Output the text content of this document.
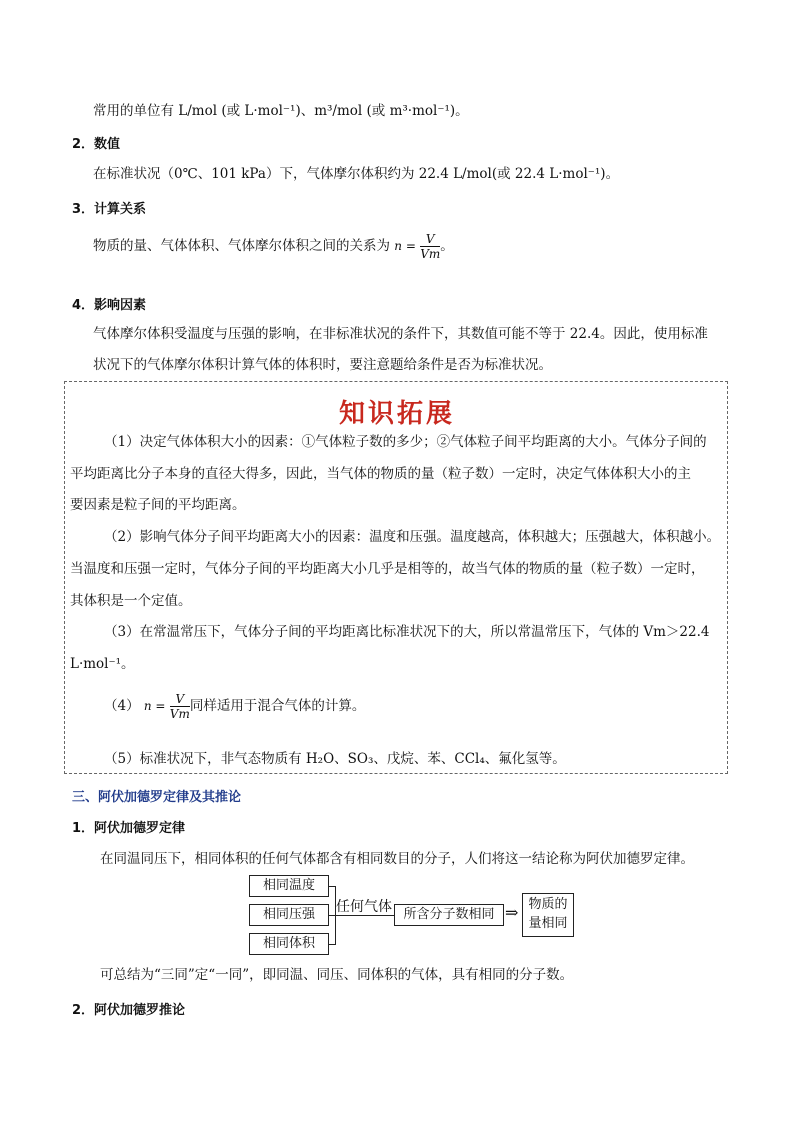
常用的单位有 L/mol (或 L·mol⁻¹)、m³/mol (或 m³·mol⁻¹)。
2．数值
在标准状况（0℃、101 kPa）下，气体摩尔体积约为 22.4 L/mol(或 22.4 L·mol⁻¹)。
3．计算关系
物质的量、气体体积、气体摩尔体积之间的关系为 $n = \frac{V}{Vm}$ 。
4．影响因素
气体摩尔体积受温度与压强的影响，在非标准状况的条件下，其数值可能不等于 22.4。因此，使用标准
状况下的气体摩尔体积计算气体的体积时，要注意题给条件是否为标准状况。
知识拓展
（1）决定气体体积大小的因素：①气体粒子数的多少；②气体粒子间平均距离的大小。气体分子间的
平均距离比分子本身的直径大得多，因此，当气体的物质的量（粒子数）一定时，决定气体体积大小的主
要因素是粒子间的平均距离。
（2）影响气体分子间平均距离大小的因素：温度和压强。温度越高，体积越大；压强越大，体积越小。
当温度和压强一定时，气体分子间的平均距离大小几乎是相等的，故当气体的物质的量（粒子数）一定时，
其体积是一个定值。
（3）在常温常压下，气体分子间的平均距离比标准状况下的大，所以常温常压下，气体的 Vm＞22.4
L·mol⁻¹。
（4） $n = \frac{V}{Vm}$ 同样适用于混合气体的计算。
（5）标准状况下，非气态物质有 H₂O、SO₃、戊烷、苯、CCl₄、氟化氢等。
三、阿伏加德罗定律及其推论
1．阿伏加德罗定律
在同温同压下，相同体积的任何气体都含有相同数目的分子，人们将这一结论称为阿伏加德罗定律。
相同温度
相同压强
相同体积
任何气体 所含分子数相同 ⇒ 物质的
量相同
可总结为“三同”定“一同”，即同温、同压、同体积的气体，具有相同的分子数。
2．阿伏加德罗推论
